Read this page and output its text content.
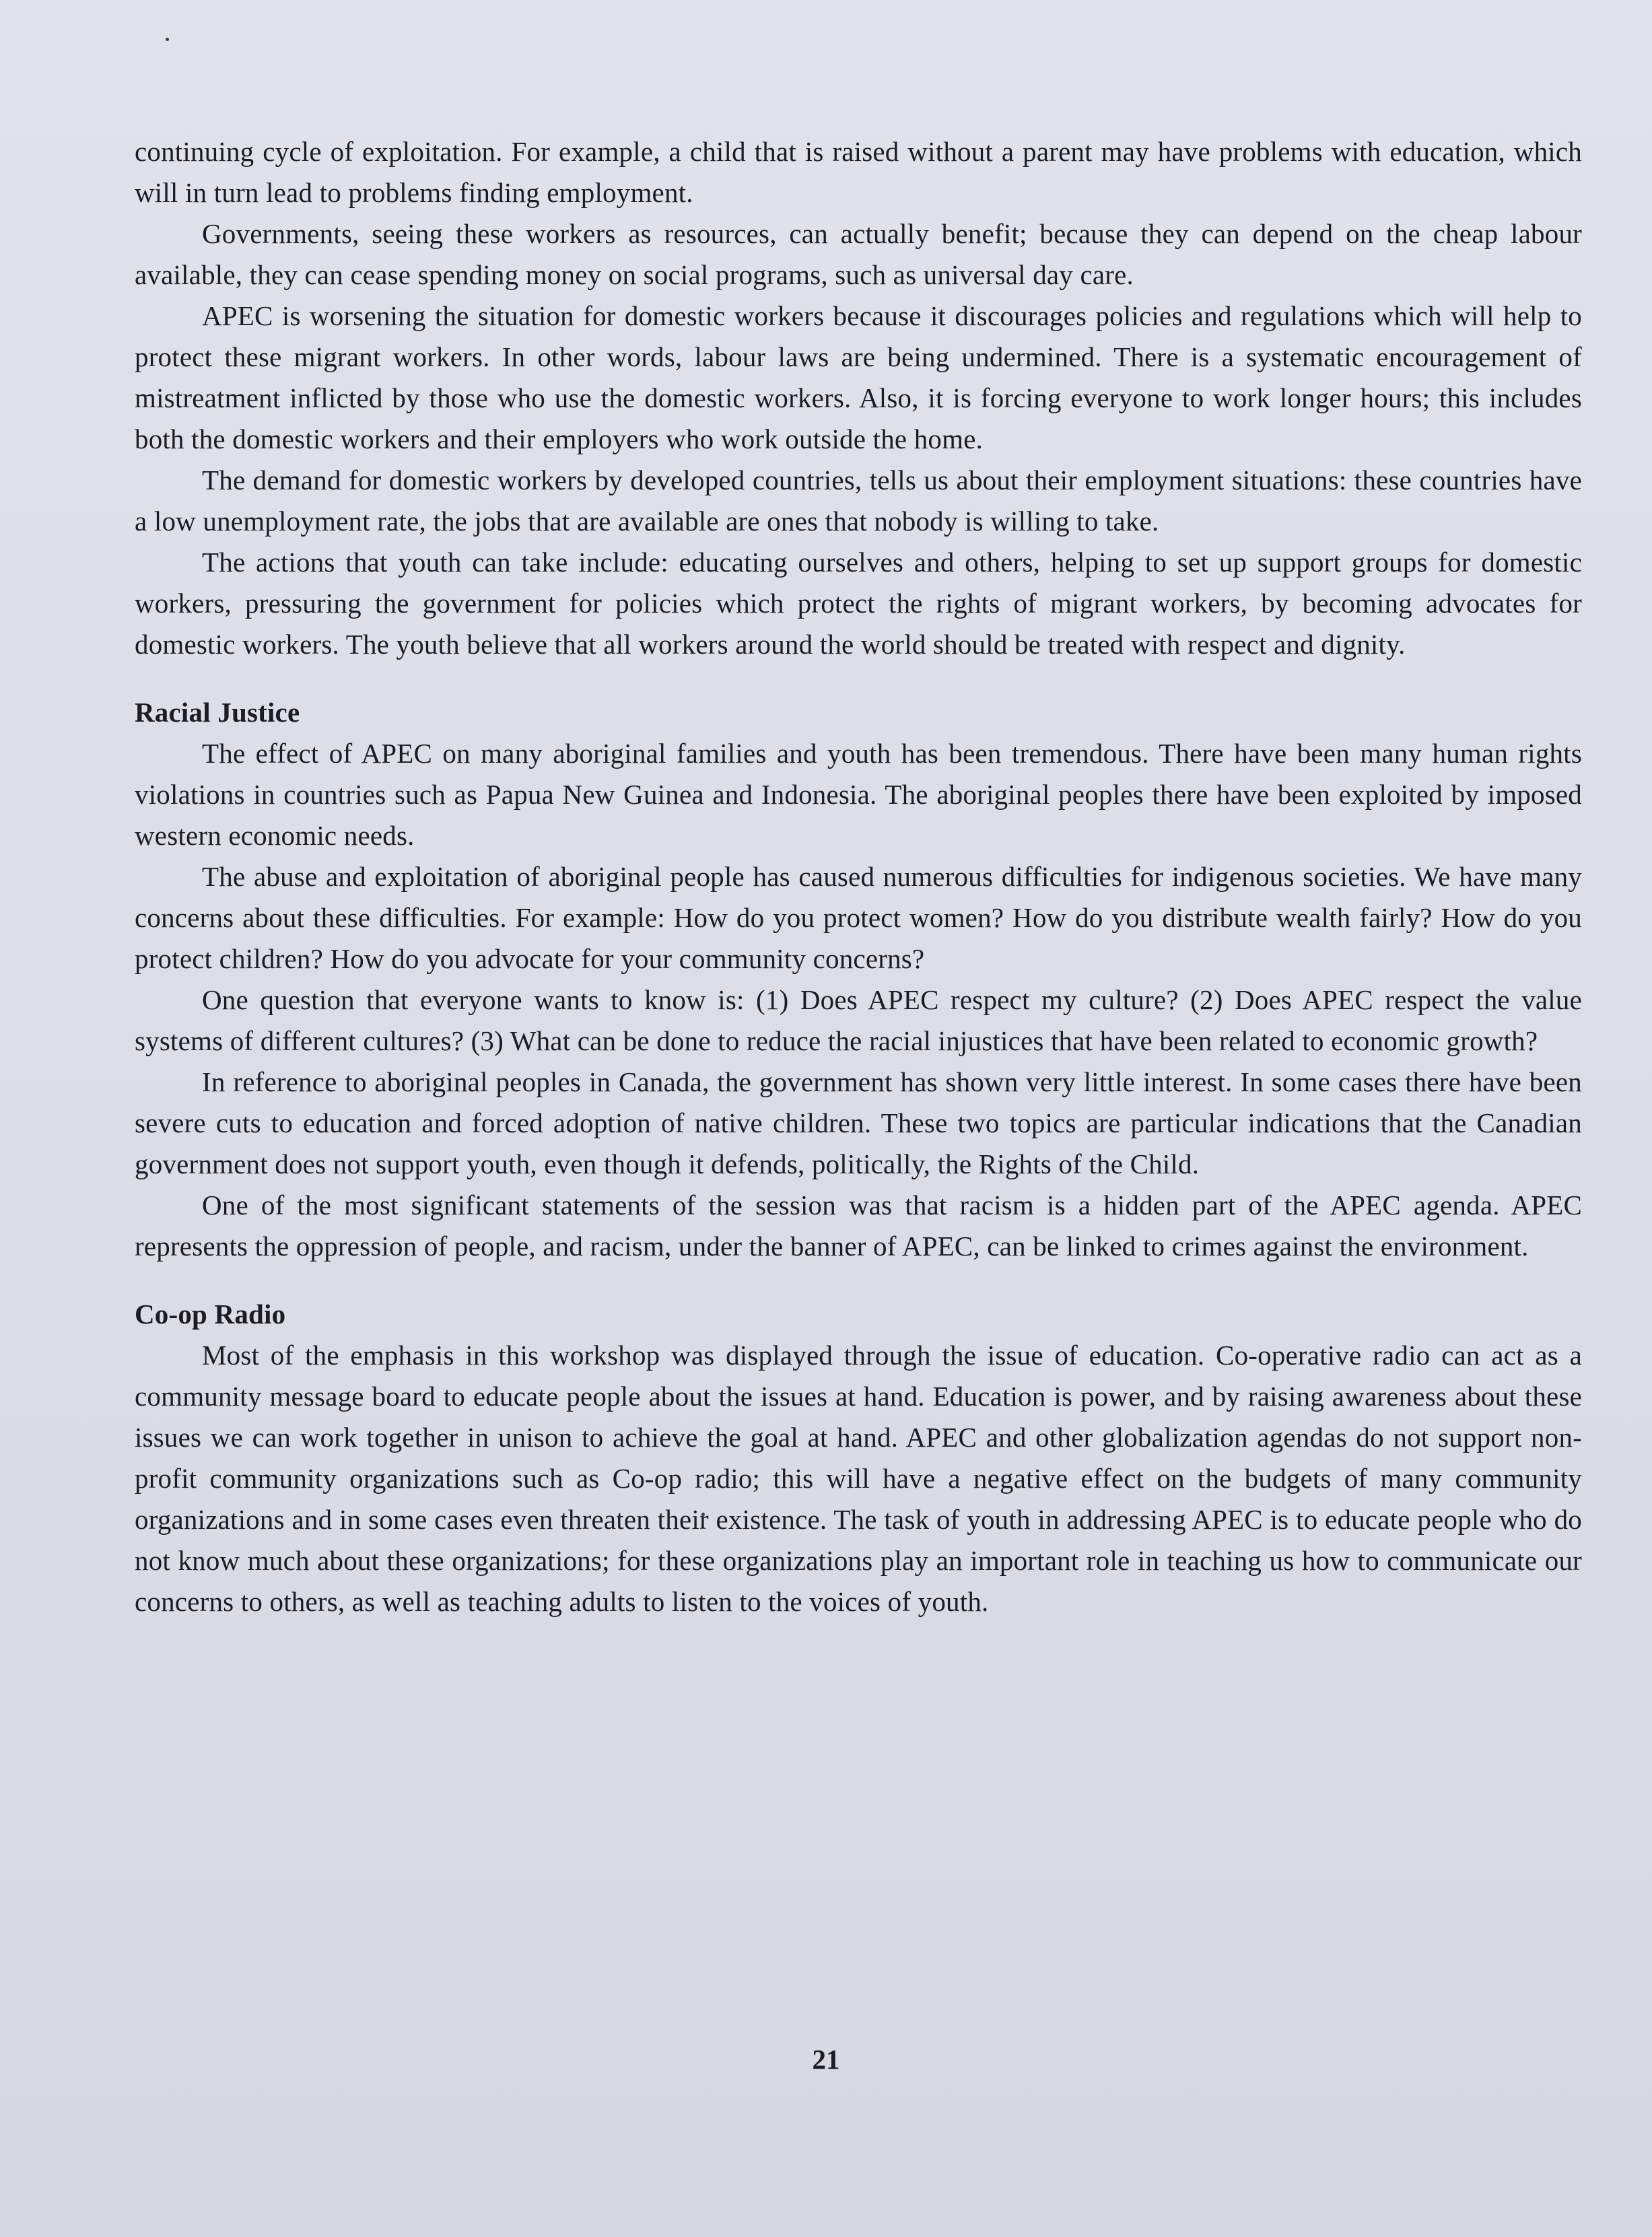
continuing cycle of exploitation. For example, a child that is raised without a parent may have problems with education, which will in turn lead to problems finding employment.

Governments, seeing these workers as resources, can actually benefit; because they can depend on the cheap labour available, they can cease spending money on social programs, such as universal day care.

APEC is worsening the situation for domestic workers because it discourages policies and regulations which will help to protect these migrant workers. In other words, labour laws are being undermined. There is a systematic encouragement of mistreatment inflicted by those who use the domestic workers. Also, it is forcing everyone to work longer hours; this includes both the domestic workers and their employers who work outside the home.

The demand for domestic workers by developed countries, tells us about their employment situations: these countries have a low unemployment rate, the jobs that are available are ones that nobody is willing to take.

The actions that youth can take include: educating ourselves and others, helping to set up support groups for domestic workers, pressuring the government for policies which protect the rights of migrant workers, by becoming advocates for domestic workers. The youth believe that all workers around the world should be treated with respect and dignity.

Racial Justice

The effect of APEC on many aboriginal families and youth has been tremendous. There have been many human rights violations in countries such as Papua New Guinea and Indonesia. The aboriginal peoples there have been exploited by imposed western economic needs.

The abuse and exploitation of aboriginal people has caused numerous difficulties for indigenous societies. We have many concerns about these difficulties. For example: How do you protect women? How do you distribute wealth fairly? How do you protect children? How do you advocate for your community concerns?

One question that everyone wants to know is: (1) Does APEC respect my culture? (2) Does APEC respect the value systems of different cultures? (3) What can be done to reduce the racial injustices that have been related to economic growth?

In reference to aboriginal peoples in Canada, the government has shown very little interest. In some cases there have been severe cuts to education and forced adoption of native children. These two topics are particular indications that the Canadian government does not support youth, even though it defends, politically, the Rights of the Child.

One of the most significant statements of the session was that racism is a hidden part of the APEC agenda. APEC represents the oppression of people, and racism, under the banner of APEC, can be linked to crimes against the environment.

Co-op Radio

Most of the emphasis in this workshop was displayed through the issue of education. Co-operative radio can act as a community message board to educate people about the issues at hand. Education is power, and by raising awareness about these issues we can work together in unison to achieve the goal at hand. APEC and other globalization agendas do not support non-profit community organizations such as Co-op radio; this will have a negative effect on the budgets of many community organizations and in some cases even threaten their existence. The task of youth in addressing APEC is to educate people who do not know much about these organizations; for these organizations play an important role in teaching us how to communicate our concerns to others, as well as teaching adults to listen to the voices of youth.

21
